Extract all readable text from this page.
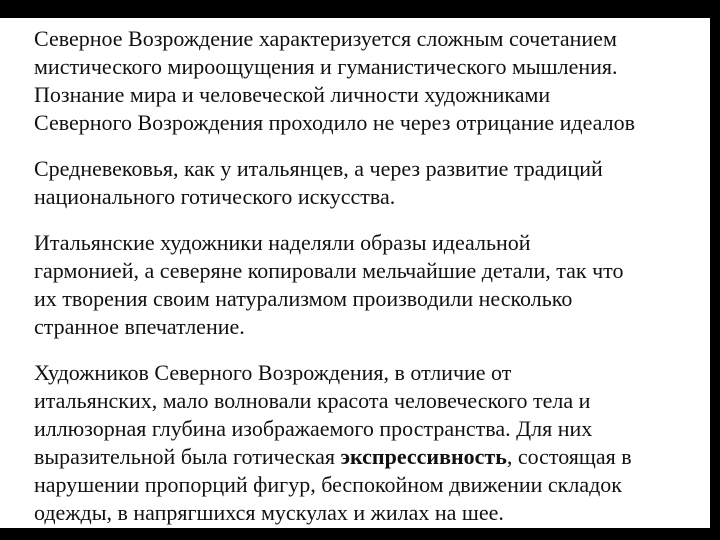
Северное Возрождение характеризуется сложным сочетанием
мистического мироощущения и гуманистического мышления.
Познание мира и человеческой личности художниками
Северного Возрождения проходило не через отрицание идеалов
Средневековья, как у итальянцев, а через развитие традиций
национального готического искусства.
Итальянские художники наделяли образы идеальной
гармонией, а северяне копировали мельчайшие детали, так что
их творения своим натурализмом производили несколько
странное впечатление.
Художников Северного Возрождения, в отличие от
итальянских, мало волновали красота человеческого тела и
иллюзорная глубина изображаемого пространства. Для них
выразительной была готическая экспрессивность, состоящая в
нарушении пропорций фигур, беспокойном движении складок
одежды, в напрягшихся мускулах и жилах на шее.
